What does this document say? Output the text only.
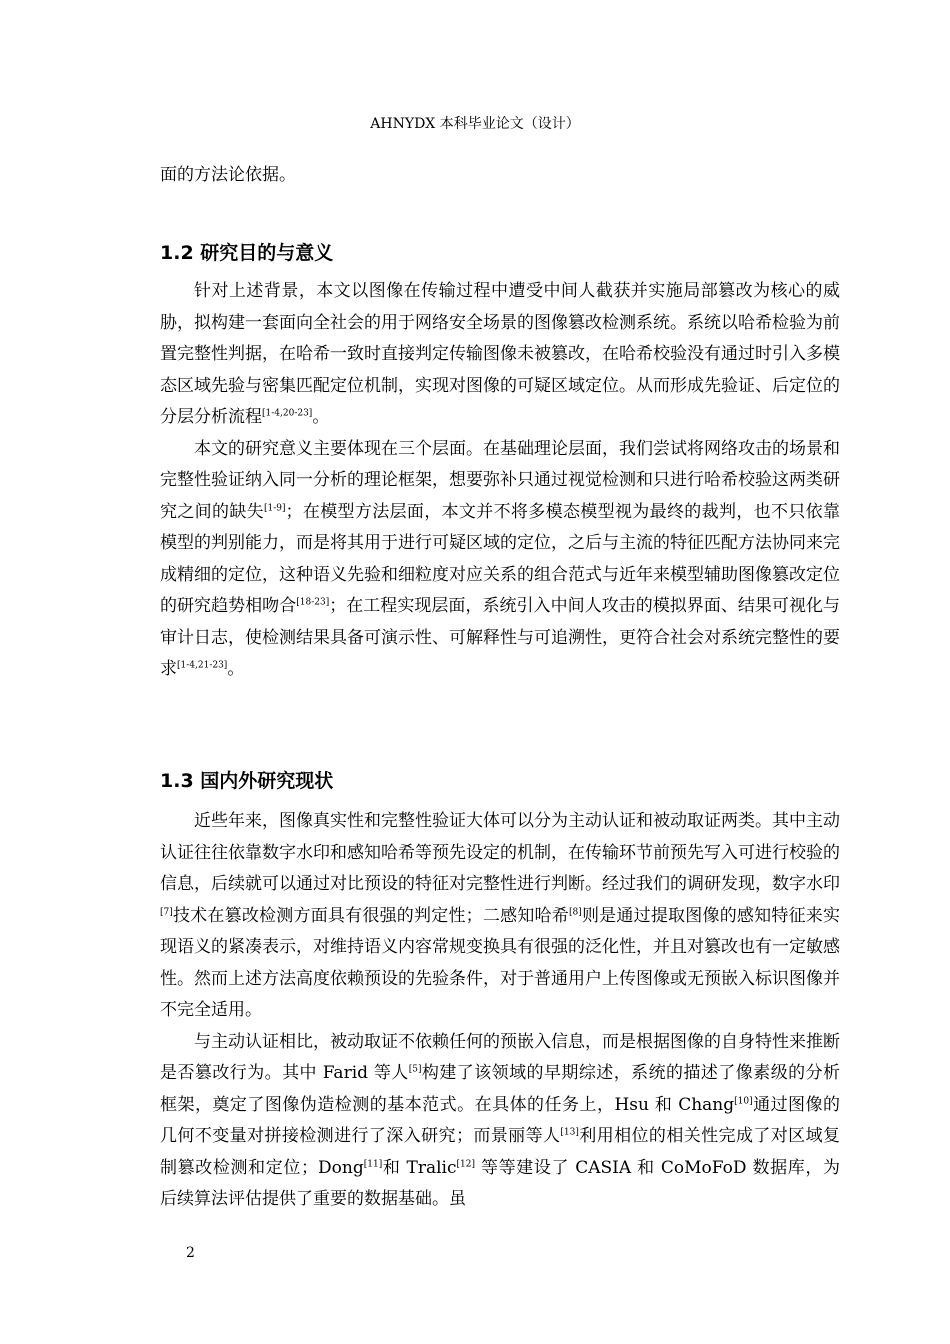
AHNYDX 本科毕业论文（设计）

面的方法论依据。

1.2 研究目的与意义

针对上述背景，本文以图像在传输过程中遭受中间人截获并实施局部篡改为核心的威胁，拟构建一套面向全社会的用于网络安全场景的图像篡改检测系统。系统以哈希检验为前置完整性判据，在哈希一致时直接判定传输图像未被篡改，在哈希校验没有通过时引入多模态区域先验与密集匹配定位机制，实现对图像的可疑区域定位。从而形成先验证、后定位的分层分析流程[1-4,20-23]。

本文的研究意义主要体现在三个层面。在基础理论层面，我们尝试将网络攻击的场景和完整性验证纳入同一分析的理论框架，想要弥补只通过视觉检测和只进行哈希校验这两类研究之间的缺失[1-9]；在模型方法层面，本文并不将多模态模型视为最终的裁判，也不只依靠模型的判别能力，而是将其用于进行可疑区域的定位，之后与主流的特征匹配方法协同来完成精细的定位，这种语义先验和细粒度对应关系的组合范式与近年来模型辅助图像篡改定位的研究趋势相吻合[18-23]；在工程实现层面，系统引入中间人攻击的模拟界面、结果可视化与审计日志，使检测结果具备可演示性、可解释性与可追溯性，更符合社会对系统完整性的要求[1-4,21-23]。

1.3 国内外研究现状

近些年来，图像真实性和完整性验证大体可以分为主动认证和被动取证两类。其中主动认证往往依靠数字水印和感知哈希等预先设定的机制，在传输环节前预先写入可进行校验的信息，后续就可以通过对比预设的特征对完整性进行判断。经过我们的调研发现，数字水印[7]技术在篡改检测方面具有很强的判定性；二感知哈希[8]则是通过提取图像的感知特征来实现语义的紧凑表示，对维持语义内容常规变换具有很强的泛化性，并且对篡改也有一定敏感性。然而上述方法高度依赖预设的先验条件，对于普通用户上传图像或无预嵌入标识图像并不完全适用。

与主动认证相比，被动取证不依赖任何的预嵌入信息，而是根据图像的自身特性来推断是否篡改行为。其中 Farid 等人[5]构建了该领域的早期综述，系统的描述了像素级的分析框架，奠定了图像伪造检测的基本范式。在具体的任务上，Hsu 和 Chang[10]通过图像的几何不变量对拼接检测进行了深入研究；而景丽等人[13]利用相位的相关性完成了对区域复制篡改检测和定位；Dong[11]和 Tralic[12] 等等建设了 CASIA 和 CoMoFoD 数据库，为后续算法评估提供了重要的数据基础。虽

2
